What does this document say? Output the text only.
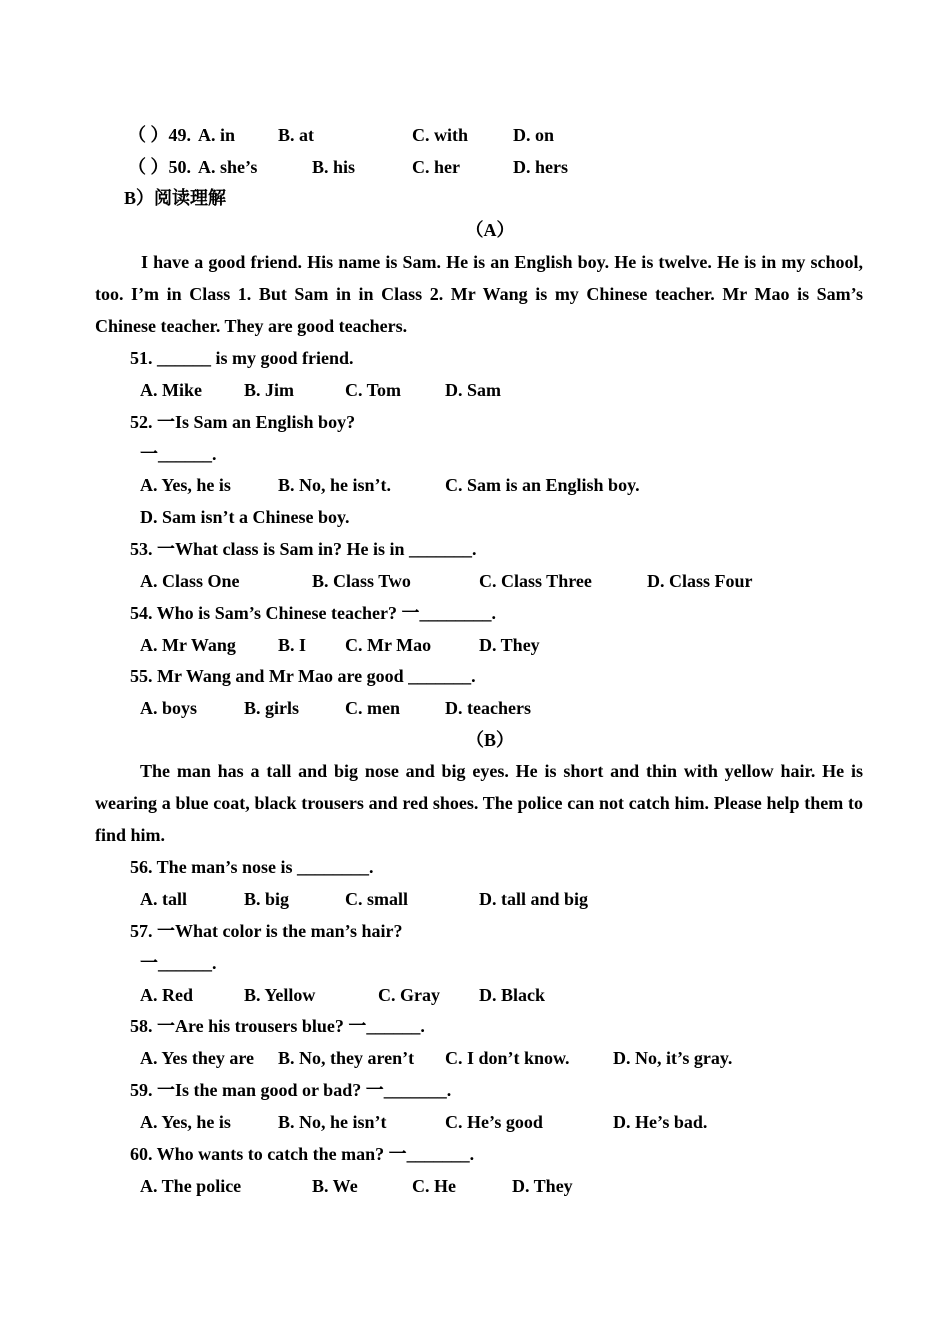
（ ）49. A. in B. at	C. with D. on
（ ）50. A. she’s	B. his	C. her	D. hers
B）阅读理解
（A）
I have a good friend. His name is Sam. He is an English boy. He is twelve. He is in my school, too. I’m in Class 1. But Sam in in Class 2. Mr Wang is my Chinese teacher. Mr Mao is Sam’s Chinese teacher. They are good teachers.
51. ______ is my good friend.
A. Mike B. Jim	C. Tom D. Sam
52. 一Is Sam an English boy?
一______.
A. Yes, he is	B. No, he isn’t.	C. Sam is an English boy.
D. Sam isn’t a Chinese boy.
53. 一What class is Sam in? He is in _______.
A. Class One	B. Class Two	C. Class Three	D. Class Four
54. Who is Sam’s Chinese teacher? 一________.
A. Mr Wang B. I C. Mr Mao	D. They
55. Mr Wang and Mr Mao are good _______.
A. boys	B. girls	C. men	D. teachers
（B）
The man has a tall and big nose and big eyes. He is short and thin with yellow hair. He is wearing a blue coat, black trousers and red shoes. The police can not catch him. Please help them to find him.
56. The man’s nose is ________.
A. tall	B. big	C. small	D. tall and big
57. 一What color is the man’s hair?
一______.
A. Red	B. Yellow	C. Gray D. Black
58. 一Are his trousers blue? 一______.
A. Yes they are B. No, they aren’t C. I don’t know. D. No, it’s gray.
59. 一Is the man good or bad? 一_______.
A. Yes, he is	B. No, he isn’t	C. He’s good	D. He’s bad.
60. Who wants to catch the man? 一_______.
A. The police	B. We	C. He	D. They
